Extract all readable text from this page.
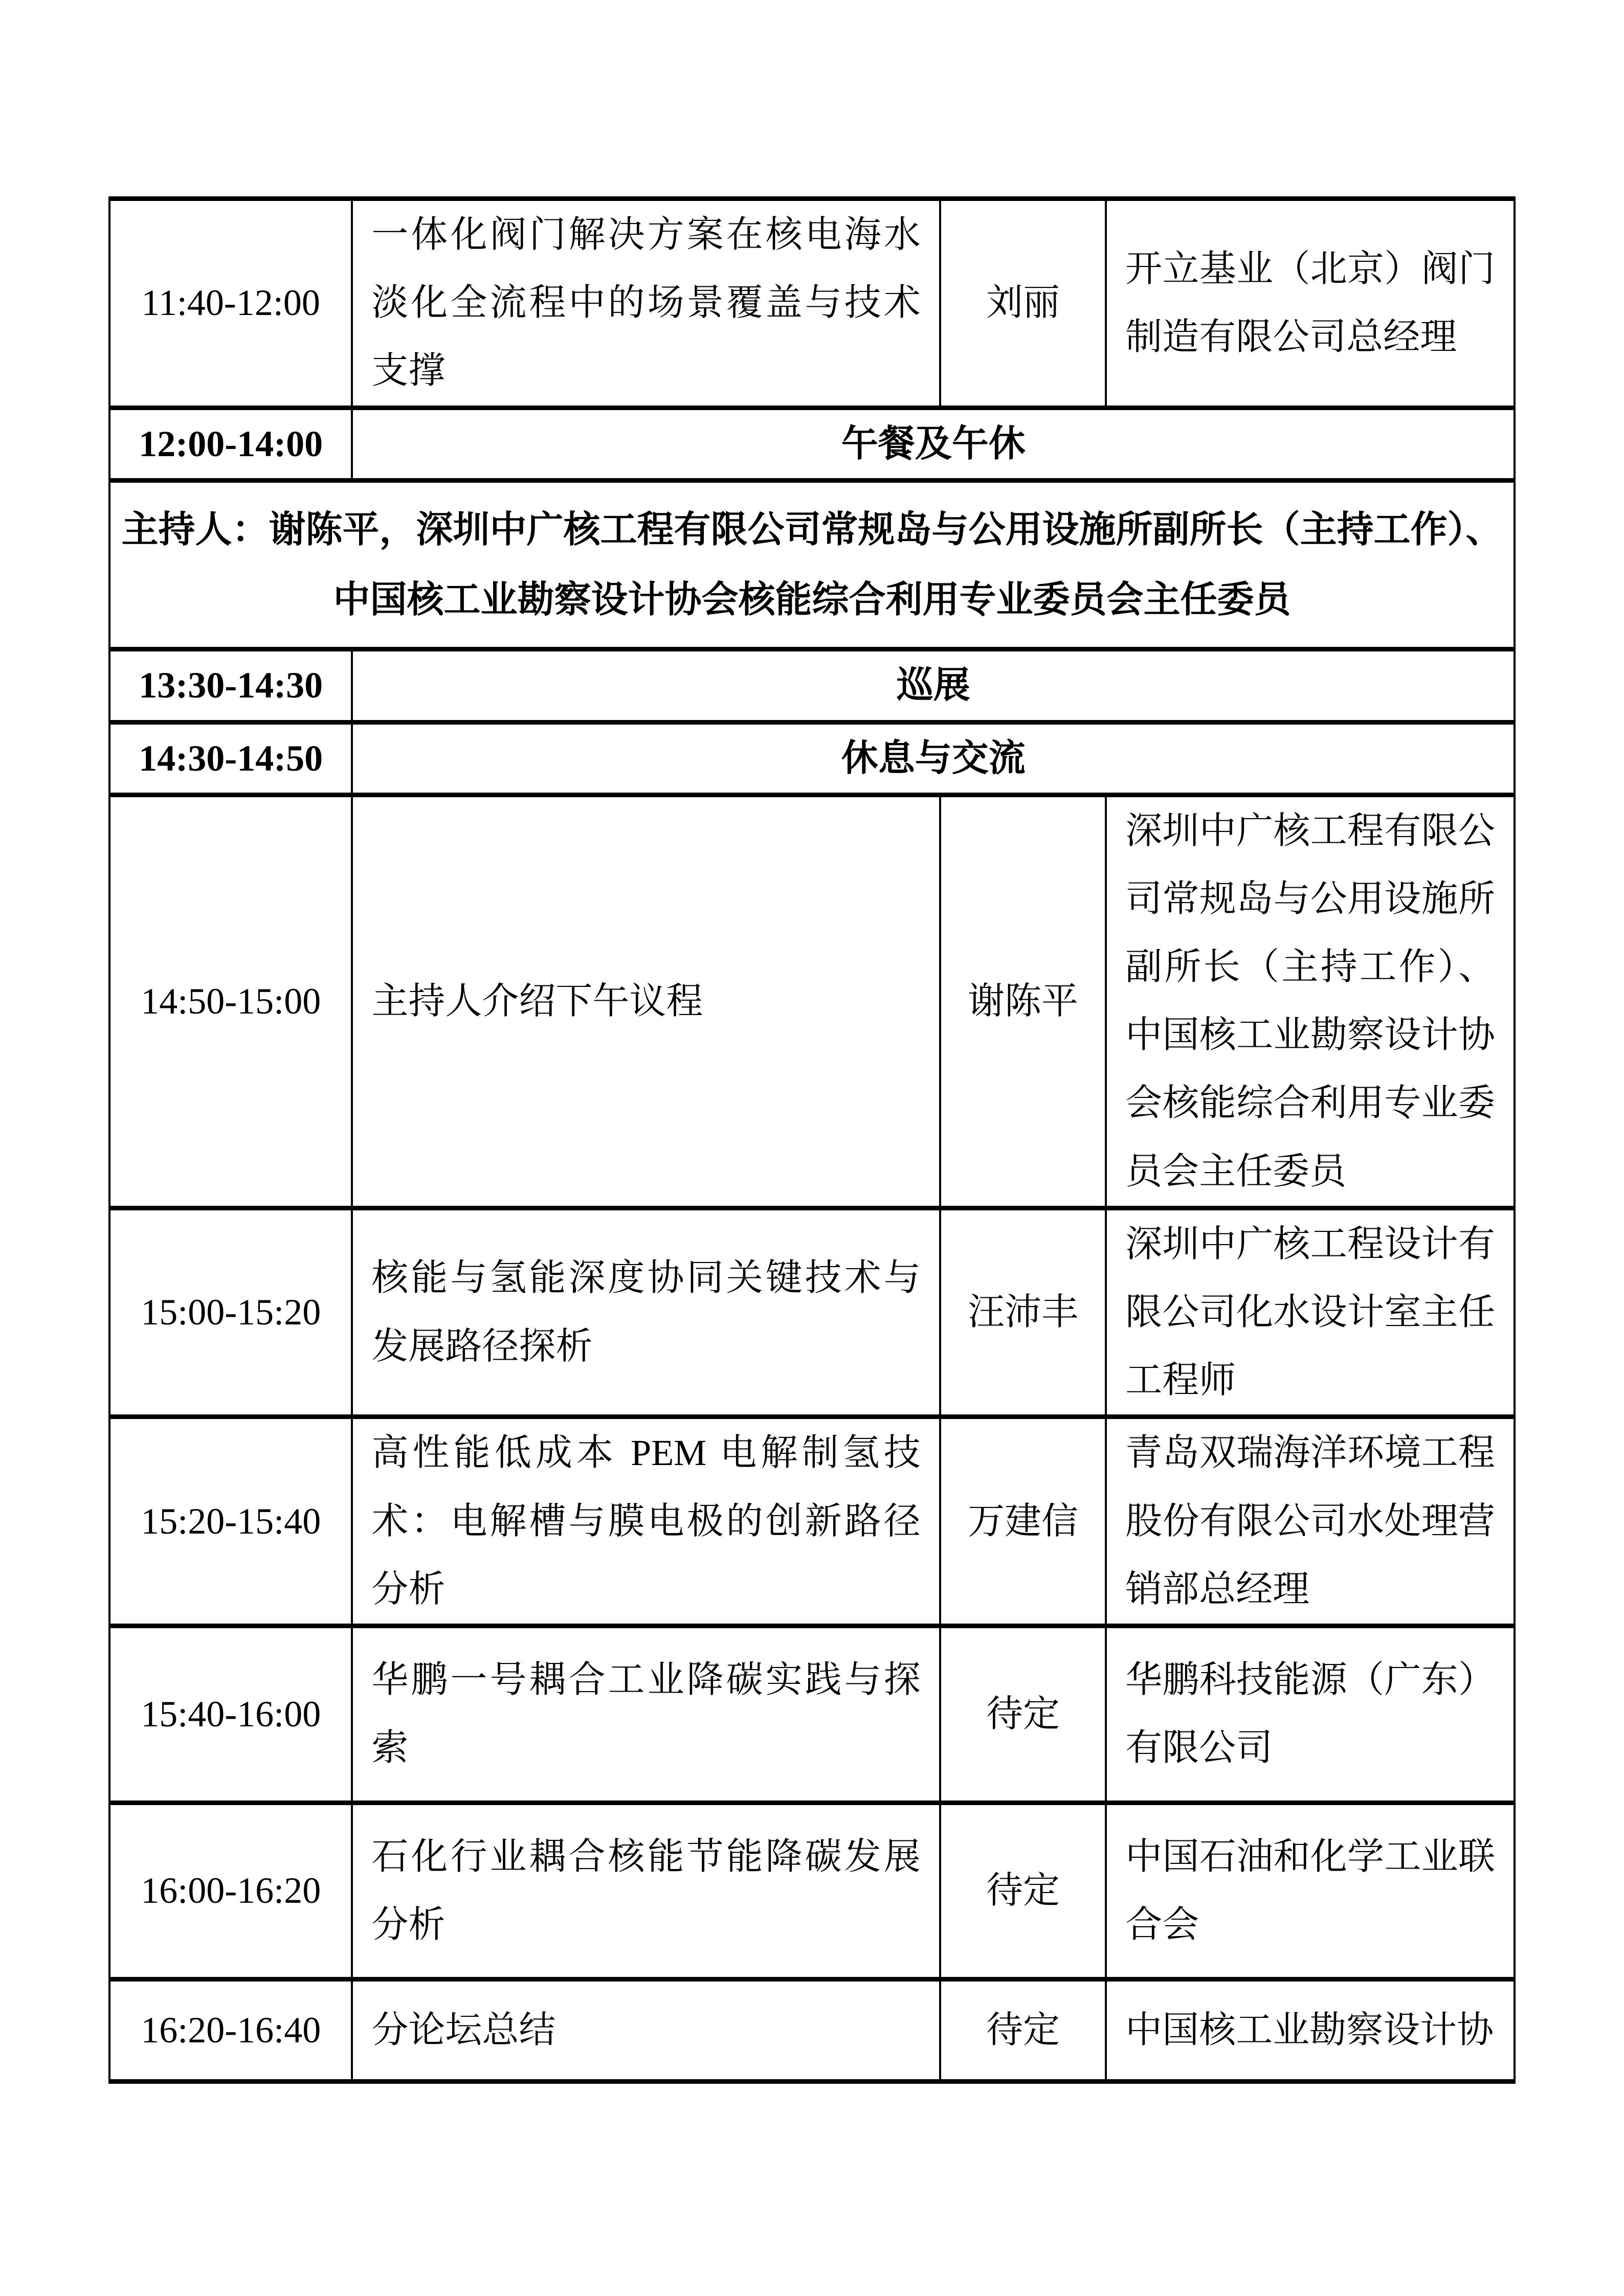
11:40-12:00	一体化阀门解决方案在核电海水淡化全流程中的场景覆盖与技术支撑	刘丽	开立基业（北京）阀门制造有限公司总经理
12:00-14:00	午餐及午休		

主持人：谢陈平，深圳中广核工程有限公司常规岛与公用设施所副所长（主持工作）、
中国核工业勘察设计协会核能综合利用专业委员会主任委员			

13:30-14:30	巡展		
14:30-14:50	休息与交流		
14:50-15:00	主持人介绍下午议程	谢陈平	深圳中广核工程有限公司常规岛与公用设施所副所长（主持工作）、中国核工业勘察设计协会核能综合利用专业委员会主任委员
15:00-15:20	核能与氢能深度协同关键技术与发展路径探析	汪沛丰	深圳中广核工程设计有限公司化水设计室主任工程师
15:20-15:40	高性能低成本 PEM 电解制氢技术：电解槽与膜电极的创新路径分析	万建信	青岛双瑞海洋环境工程股份有限公司水处理营销部总经理
15:40-16:00	华鹏一号耦合工业降碳实践与探索	待定	华鹏科技能源（广东）有限公司
16:00-16:20	石化行业耦合核能节能降碳发展分析	待定	中国石油和化学工业联合会
16:20-16:40	分论坛总结	待定	中国核工业勘察设计协
